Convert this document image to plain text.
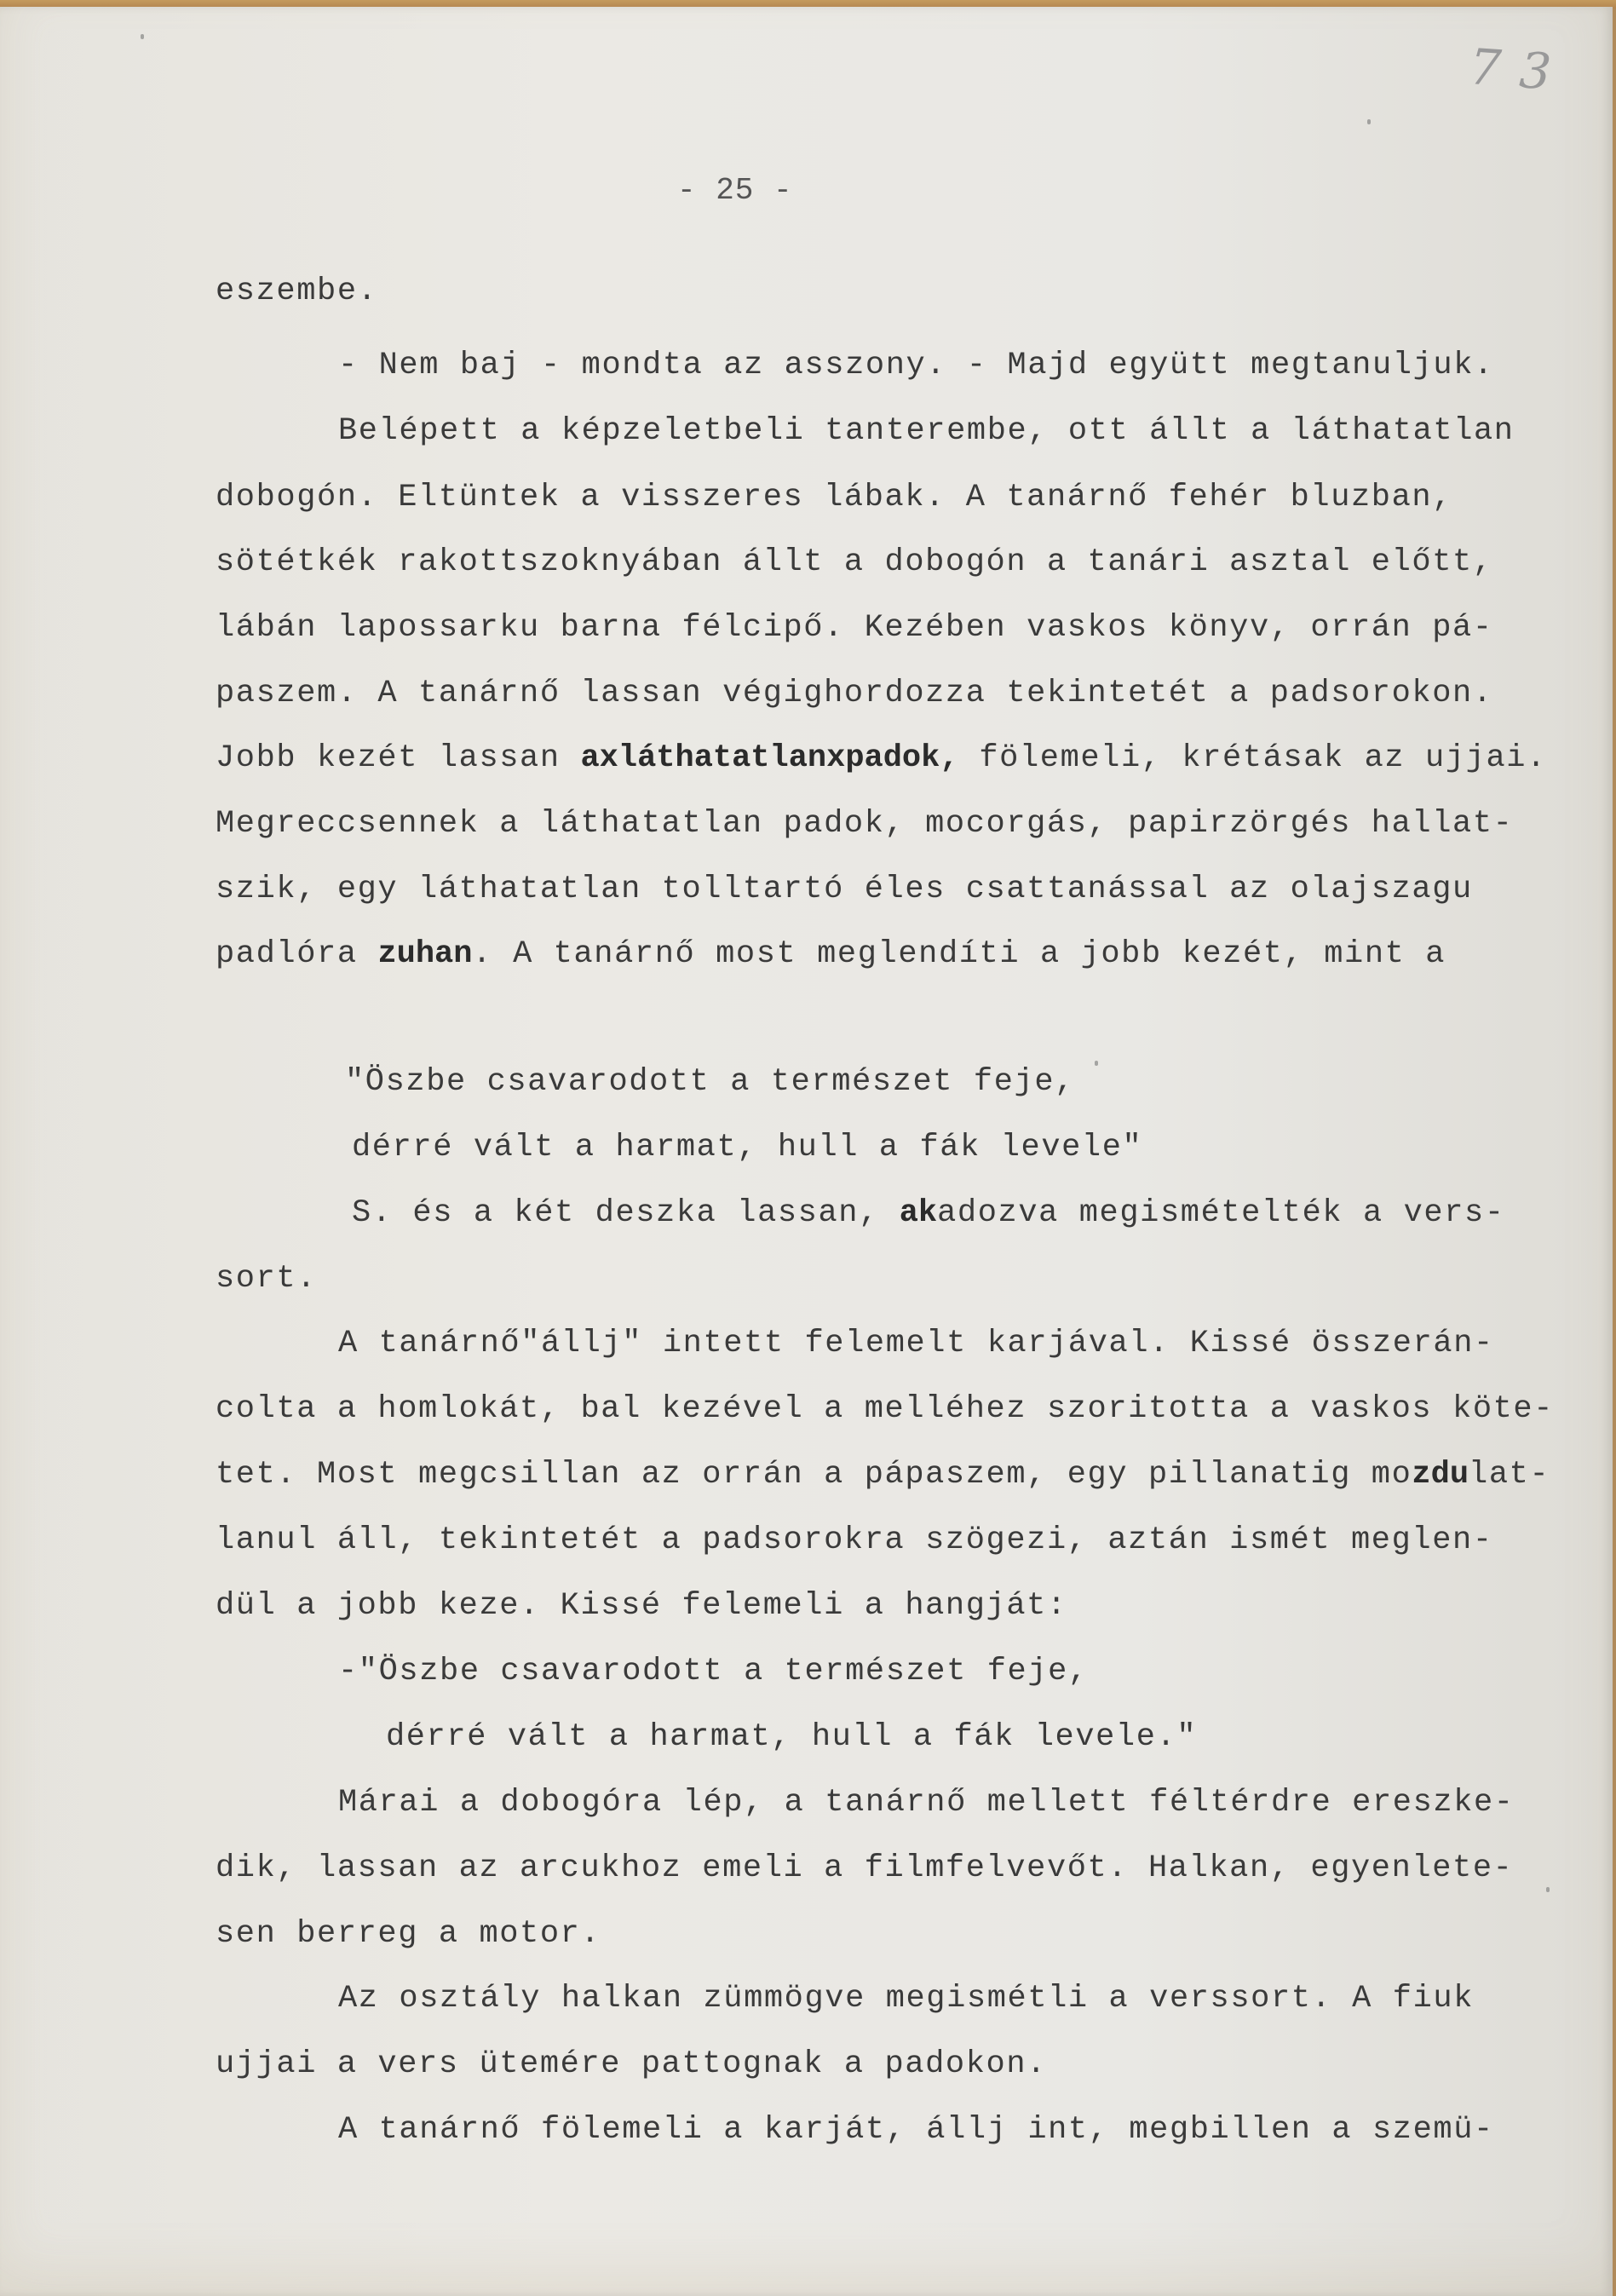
73
- 25 -
eszembe.
- Nem baj - mondta az asszony. - Majd együtt megtanuljuk.
Belépett a képzeletbeli tanterembe, ott állt a láthatatlan
dobogón. Eltüntek a visszeres lábak. A tanárnő fehér bluzban,
sötétkék rakottszoknyában állt a dobogón a tanári asztal előtt,
lábán lapossarku barna félcipő. Kezében vaskos könyv, orrán pá-
paszem. A tanárnő lassan végighordozza tekintetét a padsorokon.
Jobb kezét lassan axláthatatlanxpadok, fölemeli, krétásak az ujjai.
Megreccsennek a láthatatlan padok, mocorgás, papirzörgés hallat-
szik, egy láthatatlan tolltartó éles csattanással az olajszagu
padlóra zuhan. A tanárnő most meglendíti a jobb kezét, mint a
"Öszbe csavarodott a természet feje,
dérré vált a harmat, hull a fák levele"
S. és a két deszka lassan, akadozva megismételték a vers-
sort.
A tanárnő"állj" intett felemelt karjával. Kissé összerán-
colta a homlokát, bal kezével a melléhez szoritotta a vaskos köte-
tet. Most megcsillan az orrán a pápaszem, egy pillanatig mozdulat-
lanul áll, tekintetét a padsorokra szögezi, aztán ismét meglen-
dül a jobb keze. Kissé felemeli a hangját:
-"Öszbe csavarodott a természet feje,
dérré vált a harmat, hull a fák levele."
Márai a dobogóra lép, a tanárnő mellett féltérdre ereszke-
dik, lassan az arcukhoz emeli a filmfelvevőt. Halkan, egyenlete-
sen berreg a motor.
Az osztály halkan zümmögve megismétli a verssort. A fiuk
ujjai a vers ütemére pattognak a padokon.
A tanárnő fölemeli a karját, állj int, megbillen a szemü-
